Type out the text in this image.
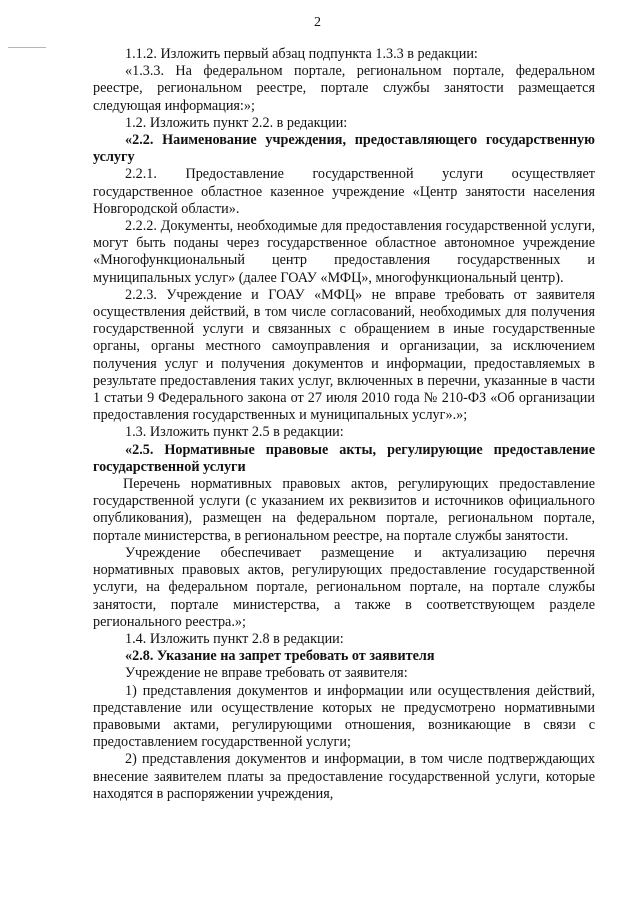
2

1.1.2. Изложить первый абзац подпункта 1.3.3 в редакции:

«1.3.3. На федеральном портале, региональном портале, федеральном реестре, региональном реестре, портале службы занятости размещается следующая информация:»;

1.2. Изложить пункт 2.2. в редакции:

«2.2. Наименование учреждения, предоставляющего государственную услугу

2.2.1. Предоставление государственной услуги осуществляет государственное областное казенное учреждение «Центр занятости населения Новгородской области».

2.2.2. Документы, необходимые для предоставления государственной услуги, могут быть поданы через государственное областное автономное учреждение «Многофункциональный центр предоставления государственных и муниципальных услуг» (далее ГОАУ «МФЦ», многофункциональный центр).

2.2.3. Учреждение и ГОАУ «МФЦ» не вправе требовать от заявителя осуществления действий, в том числе согласований, необходимых для получения государственной услуги и связанных с обращением в иные государственные органы, органы местного самоуправления и организации, за исключением получения услуг и получения документов и информации, предоставляемых в результате предоставления таких услуг, включенных в перечни, указанные в части 1 статьи 9 Федерального закона от 27 июля 2010 года № 210-ФЗ «Об организации предоставления государственных и муниципальных услуг».»;

1.3. Изложить пункт 2.5 в редакции:

«2.5. Нормативные правовые акты, регулирующие предоставление государственной услуги

Перечень нормативных правовых актов, регулирующих предоставление государственной услуги (с указанием их реквизитов и источников официального опубликования), размещен на федеральном портале, региональном портале, портале министерства, в региональном реестре, на портале службы занятости.

Учреждение обеспечивает размещение и актуализацию перечня нормативных правовых актов, регулирующих предоставление государственной услуги, на федеральном портале, региональном портале, на портале службы занятости, портале министерства, а также в соответствующем разделе регионального реестра.»;

1.4. Изложить пункт 2.8 в редакции:

«2.8. Указание на запрет требовать от заявителя

Учреждение не вправе требовать от заявителя:

1) представления документов и информации или осуществления действий, представление или осуществление которых не предусмотрено нормативными правовыми актами, регулирующими отношения, возникающие в связи с предоставлением государственной услуги;

2) представления документов и информации, в том числе подтверждающих внесение заявителем платы за предоставление государственной услуги, которые находятся в распоряжении учреждения,
